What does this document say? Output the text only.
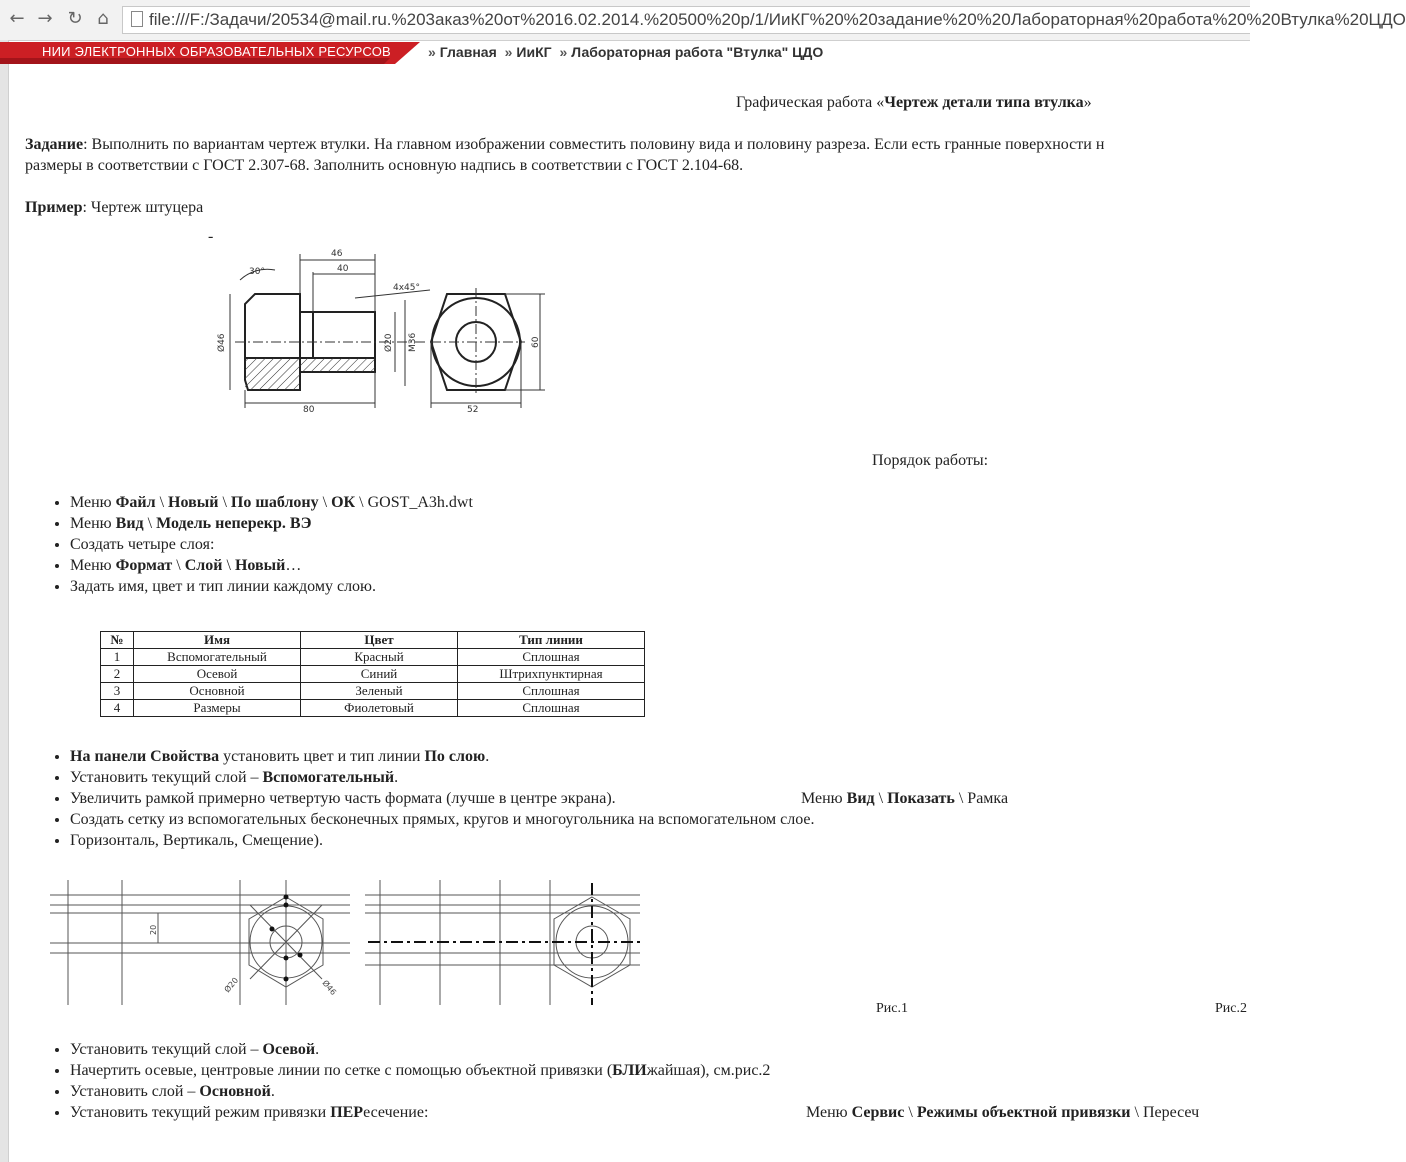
← → ↻ ⌂	file:///F:/Задачи/20534@mail.ru.%203аказ%20от%2016.02.2014.%20500%20р/1/ИиКГ%20%20задание%20%20Лабораторная%20работа%20%20Втулка%20ЦДО
НИИ ЭЛЕКТРОННЫХ ОБРАЗОВАТЕЛЬНЫХ РЕСУРСОВ	» Главная » ИиКГ » Лабораторная работа "Втулка" ЦДО
Графическая работа «Чертеж детали типа втулка»
Задание: Выполнить по вариантам чертеж втулки. На главном изображении совместить половину вида и половину разреза. Если есть гранные поверхности н
размеры в соответствии с ГОСТ 2.307-68. Заполнить основную надпись в соответствии с ГОСТ 2.104-68.
Пример: Чертеж штуцера
-
30°
46
40
4x45°
Ø46	Ø20 M36
80	52
60
Порядок работы:
• Меню Файл \ Новый \ По шаблону \ ОК \ GOST_A3h.dwt
• Меню Вид \ Модель неперекр. ВЭ
• Создать четыре слоя:
• Меню Формат \ Слой \ Новый…
• Задать имя, цвет и тип линии каждому слою.
№	Имя	Цвет	Тип линии
1	Вспомогательный	Красный	Сплошная
2	Осевой	Синий	Штрихпунктирная
3	Основной	Зеленый	Сплошная
4	Размеры	Фиолетовый	Сплошная
• На панели Свойства установить цвет и тип линии По слою.
• Установить текущий слой – Вспомогательный.
• Увеличить рамкой примерно четвертую часть формата (лучше в центре экрана).
• Создать сетку из вспомогательных бесконечных прямых, кругов и многоугольника на вспомогательном слое.
• Горизонталь, Вертикаль, Смещение).
Меню Вид \ Показать \ Рамка
20
Ø20	Ø46
Рис.1	Рис.2
• Установить текущий слой – Осевой.
• Начертить осевые, центровые линии по сетке с помощью объектной привязки (БЛИжайшая), см.рис.2
• Установить слой – Основной.
• Установить текущий режим привязки ПЕРесечение:	Меню Сервис \ Режимы объектной привязки \ Пересеч
